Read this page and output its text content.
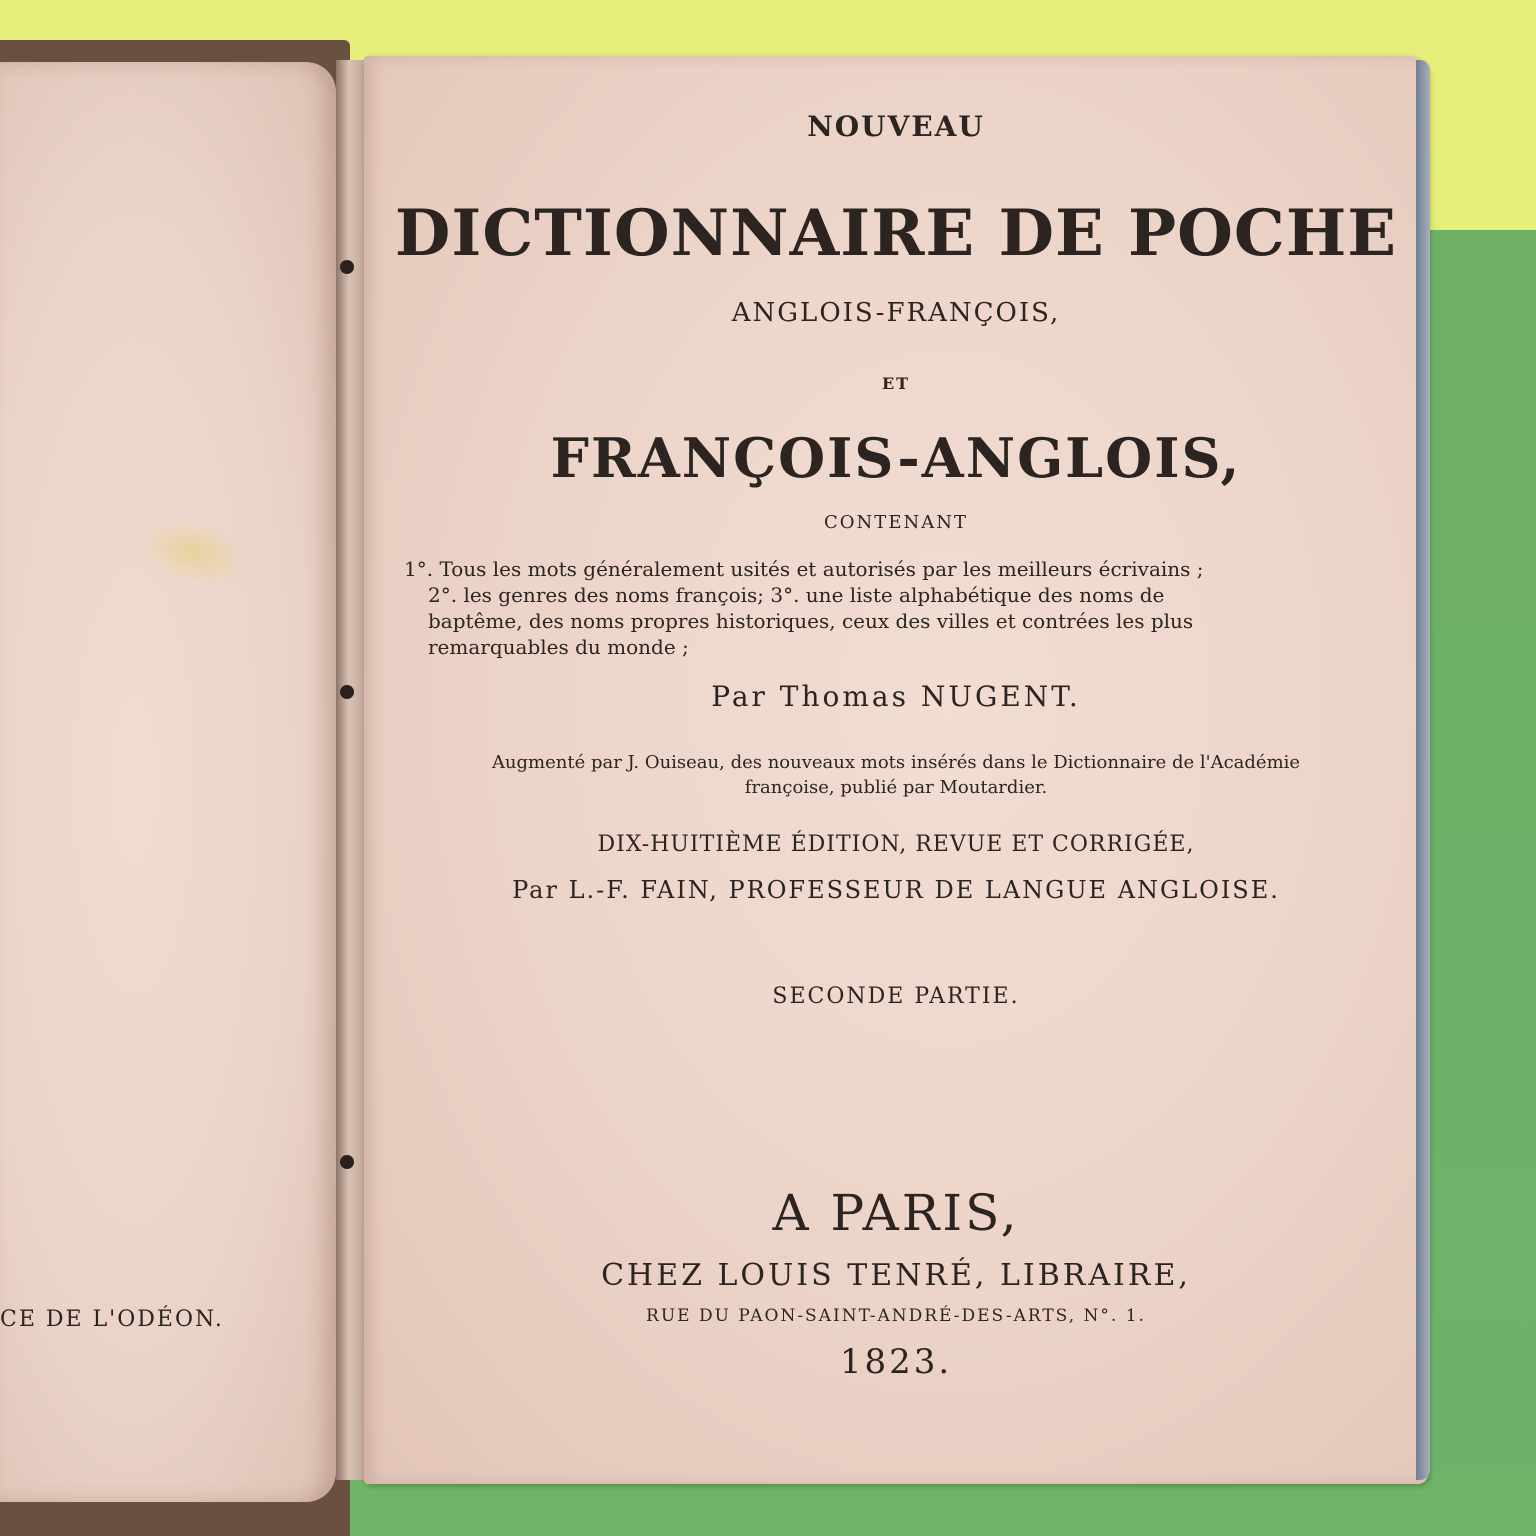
CE DE L'ODÉON.
NOUVEAU
DICTIONNAIRE DE POCHE
ANGLOIS-FRANÇOIS,
ET
FRANÇOIS-ANGLOIS,
CONTENANT
1°. Tous les mots généralement usités et autorisés par les meilleurs écrivains ;
2°. les genres des noms françois; 3°. une liste alphabétique des noms de
baptême, des noms propres historiques, ceux des villes et contrées les plus
remarquables du monde ;
Par Thomas NUGENT.
Augmenté par J. Ouiseau, des nouveaux mots insérés dans le Dictionnaire de l'Académie
françoise, publié par Moutardier.
DIX-HUITIÈME ÉDITION, REVUE ET CORRIGÉE,
Par L.-F. FAIN, PROFESSEUR DE LANGUE ANGLOISE.
SECONDE PARTIE.
A PARIS,
CHEZ LOUIS TENRÉ, LIBRAIRE,
RUE DU PAON-SAINT-ANDRÉ-DES-ARTS, N°. 1.
1823.
